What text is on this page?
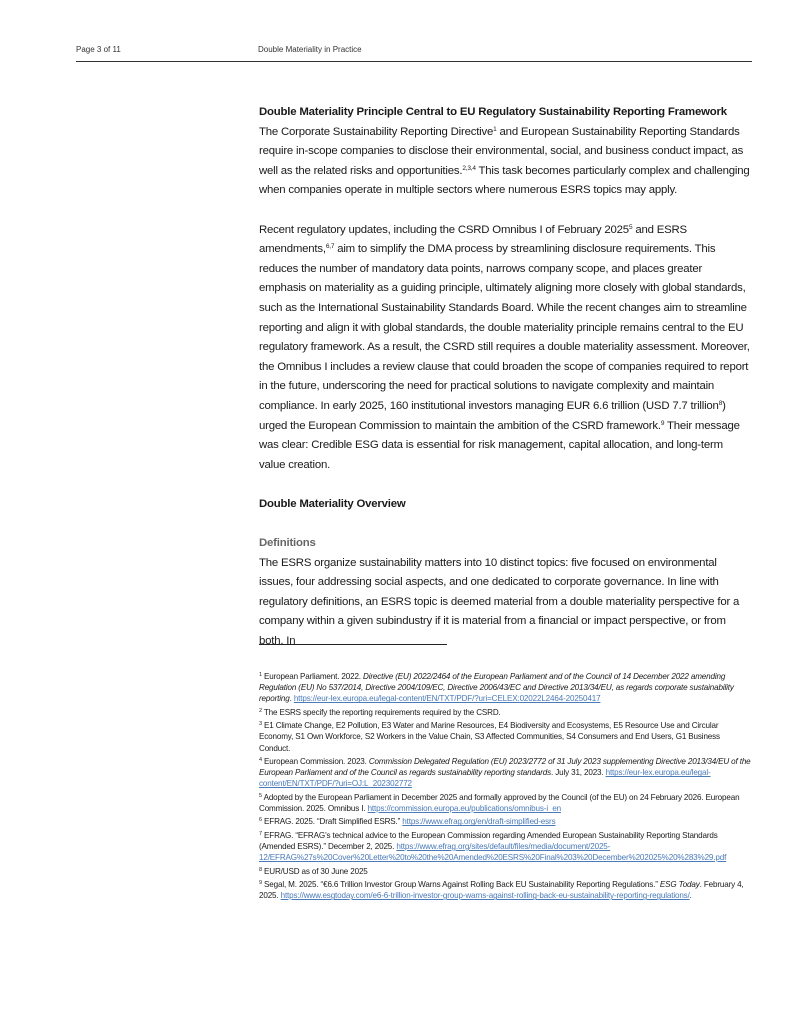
Page 3 of 11	Double Materiality in Practice

Double Materiality Principle Central to EU Regulatory Sustainability Reporting Framework

The Corporate Sustainability Reporting Directive$^1$ and European Sustainability Reporting Standards require in-scope companies to disclose their environmental, social, and business conduct impact, as well as the related risks and opportunities.$^{2,3,4}$ This task becomes particularly complex and challenging when companies operate in multiple sectors where numerous ESRS topics may apply.

Recent regulatory updates, including the CSRD Omnibus I of February 2025$^5$ and ESRS amendments,$^{6,7}$ aim to simplify the DMA process by streamlining disclosure requirements. This reduces the number of mandatory data points, narrows company scope, and places greater emphasis on materiality as a guiding principle, ultimately aligning more closely with global standards, such as the International Sustainability Standards Board. While the recent changes aim to streamline reporting and align it with global standards, the double materiality principle remains central to the EU regulatory framework. As a result, the CSRD still requires a double materiality assessment. Moreover, the Omnibus I includes a review clause that could broaden the scope of companies required to report in the future, underscoring the need for practical solutions to navigate complexity and maintain compliance. In early 2025, 160 institutional investors managing EUR 6.6 trillion (USD 7.7 trillion$^8$) urged the European Commission to maintain the ambition of the CSRD framework.$^9$ Their message was clear: Credible ESG data is essential for risk management, capital allocation, and long-term value creation.

Double Materiality Overview

Definitions

The ESRS organize sustainability matters into 10 distinct topics: five focused on environmental issues, four addressing social aspects, and one dedicated to corporate governance. In line with regulatory definitions, an ESRS topic is deemed material from a double materiality perspective for a company within a given subindustry if it is material from a financial or impact perspective, or from both. In

$^1$ European Parliament. 2022. Directive (EU) 2022/2464 of the European Parliament and of the Council of 14 December 2022 amending Regulation (EU) No 537/2014, Directive 2004/109/EC, Directive 2006/43/EC and Directive 2013/34/EU, as regards corporate sustainability reporting. https://eur-lex.europa.eu/legal-content/EN/TXT/PDF/?uri=CELEX:02022L2464-20250417

$^2$ The ESRS specify the reporting requirements required by the CSRD.

$^3$ E1 Climate Change, E2 Pollution, E3 Water and Marine Resources, E4 Biodiversity and Ecosystems, E5 Resource Use and Circular Economy, S1 Own Workforce, S2 Workers in the Value Chain, S3 Affected Communities, S4 Consumers and End Users, G1 Business Conduct.

$^4$ European Commission. 2023. Commission Delegated Regulation (EU) 2023/2772 of 31 July 2023 supplementing Directive 2013/34/EU of the European Parliament and of the Council as regards sustainability reporting standards. July 31, 2023. https://eur-lex.europa.eu/legal-content/EN/TXT/PDF/?uri=OJ:L_202302772

$^5$ Adopted by the European Parliament in December 2025 and formally approved by the Council (of the EU) on 24 February 2026. European Commission. 2025. Omnibus I. https://commission.europa.eu/publications/omnibus-i_en

$^6$ EFRAG. 2025. “Draft Simplified ESRS.” https://www.efrag.org/en/draft-simplified-esrs

$^7$ EFRAG. “EFRAG’s technical advice to the European Commission regarding Amended European Sustainability Reporting Standards (Amended ESRS).” December 2, 2025. https://www.efrag.org/sites/default/files/media/document/2025-12/EFRAG%27s%20Cover%20Letter%20to%20the%20Amended%20ESRS%20Final%203%20December%202025%20%283%29.pdf

$^8$ EUR/USD as of 30 June 2025

$^9$ Segal, M. 2025. “€6.6 Trillion Investor Group Warns Against Rolling Back EU Sustainability Reporting Regulations.” ESG Today. February 4, 2025. https://www.esgtoday.com/e6-6-trillion-investor-group-warns-against-rolling-back-eu-sustainability-reporting-regulations/.
